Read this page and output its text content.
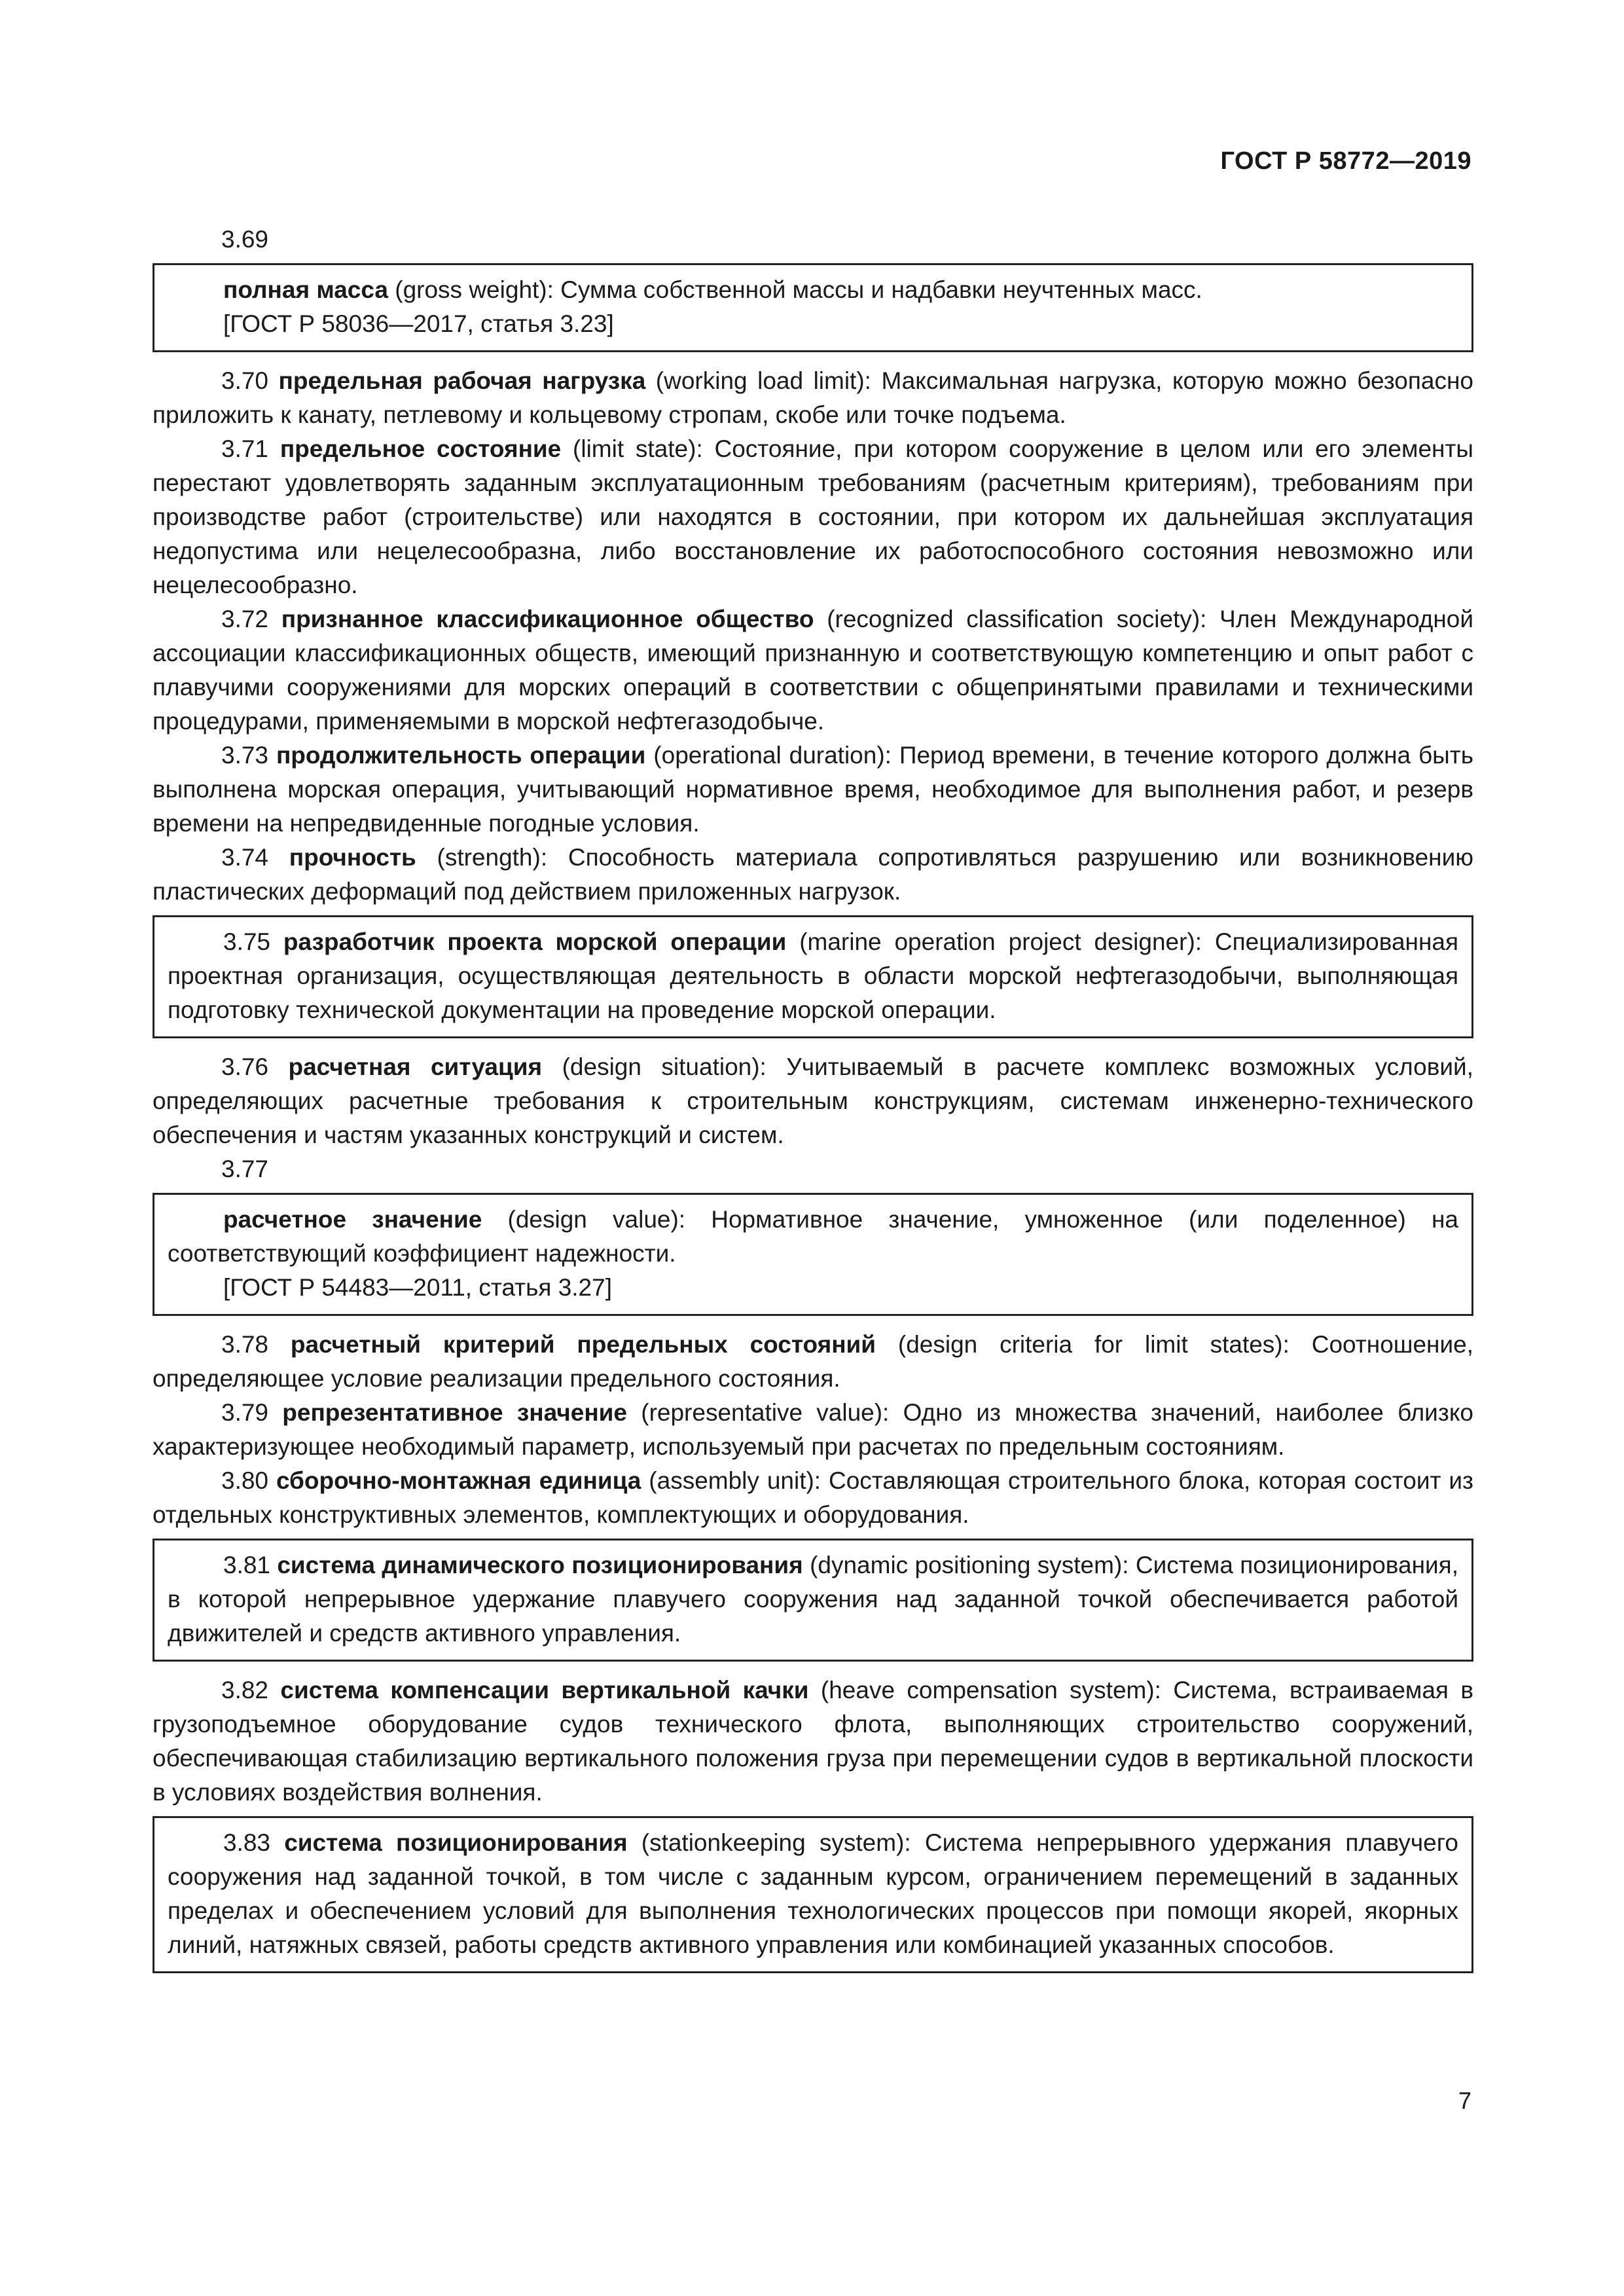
ГОСТ Р 58772—2019

3.69

полная масса (gross weight): Сумма собственной массы и надбавки неучтенных масс.

[ГОСТ Р 58036—2017, статья 3.23]

3.70 предельная рабочая нагрузка (working load limit): Максимальная нагрузка, которую можно безопасно приложить к канату, петлевому и кольцевому стропам, скобе или точке подъема.

3.71 предельное состояние (limit state): Состояние, при котором сооружение в целом или его элементы перестают удовлетворять заданным эксплуатационным требованиям (расчетным критериям), требованиям при производстве работ (строительстве) или находятся в состоянии, при котором их дальнейшая эксплуатация недопустима или нецелесообразна, либо восстановление их работоспособного состояния невозможно или нецелесообразно.

3.72 признанное классификационное общество (recognized classification society): Член Международной ассоциации классификационных обществ, имеющий признанную и соответствующую компетенцию и опыт работ с плавучими сооружениями для морских операций в соответствии с общепринятыми правилами и техническими процедурами, применяемыми в морской нефтегазодобыче.

3.73 продолжительность операции (operational duration): Период времени, в течение которого должна быть выполнена морская операция, учитывающий нормативное время, необходимое для выполнения работ, и резерв времени на непредвиденные погодные условия.

3.74 прочность (strength): Способность материала сопротивляться разрушению или возникновению пластических деформаций под действием приложенных нагрузок.

3.75 разработчик проекта морской операции (marine operation project designer): Специализированная проектная организация, осуществляющая деятельность в области морской нефтегазодобычи, выполняющая подготовку технической документации на проведение морской операции.

3.76 расчетная ситуация (design situation): Учитываемый в расчете комплекс возможных условий, определяющих расчетные требования к строительным конструкциям, системам инженерно-технического обеспечения и частям указанных конструкций и систем.

3.77

расчетное значение (design value): Нормативное значение, умноженное (или поделенное) на соответствующий коэффициент надежности.

[ГОСТ Р 54483—2011, статья 3.27]

3.78 расчетный критерий предельных состояний (design criteria for limit states): Соотношение, определяющее условие реализации предельного состояния.

3.79 репрезентативное значение (representative value): Одно из множества значений, наиболее близко характеризующее необходимый параметр, используемый при расчетах по предельным состояниям.

3.80 сборочно-монтажная единица (assembly unit): Составляющая строительного блока, которая состоит из отдельных конструктивных элементов, комплектующих и оборудования.

3.81 система динамического позиционирования (dynamic positioning system): Система позиционирования, в которой непрерывное удержание плавучего сооружения над заданной точкой обеспечивается работой движителей и средств активного управления.

3.82 система компенсации вертикальной качки (heave compensation system): Система, встраиваемая в грузоподъемное оборудование судов технического флота, выполняющих строительство сооружений, обеспечивающая стабилизацию вертикального положения груза при перемещении судов в вертикальной плоскости в условиях воздействия волнения.

3.83 система позиционирования (stationkeeping system): Система непрерывного удержания плавучего сооружения над заданной точкой, в том числе с заданным курсом, ограничением перемещений в заданных пределах и обеспечением условий для выполнения технологических процессов при помощи якорей, якорных линий, натяжных связей, работы средств активного управления или комбинацией указанных способов.

7
